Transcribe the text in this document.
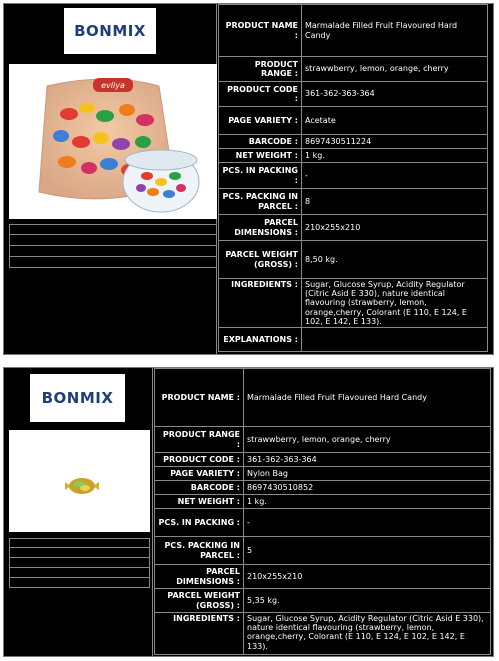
BONMIX
evliya
PRODUCT NAME :	Marmalade Filled Fruit Flavoured Hard Candy
PRODUCT RANGE :	strawwberry, lemon, orange, cherry
PRODUCT CODE :	361-362-363-364
PAGE VARIETY :	Acetate
BARCODE :	8697430511224
NET WEIGHT :	1 kg.
PCS. IN PACKING :	-
PCS. PACKING IN PARCEL :	8
PARCEL DIMENSIONS :	210x255x210
PARCEL WEIGHT (GROSS) :	8,50 kg.
INGREDIENTS :	Sugar, Glucose Syrup, Acidity Regulator (Citric Asid E 330), nature identical flavouring (strawberry, lemon, orange,cherry, Colorant (E 110, E 124, E 102, E 142, E 133).
EXPLANATIONS :	
BONMIX	PRODUCT NAME :	Marmalade Filled Fruit Flavoured Hard Candy
PRODUCT RANGE :	strawwberry, lemon, orange, cherry
PRODUCT CODE :	361-362-363-364
PAGE VARIETY :	Nylon Bag
BARCODE :	8697430510852
NET WEIGHT :	1 kg.
PCS. IN PACKING :	-
PCS. PACKING IN PARCEL :	5
PARCEL DIMENSIONS :	210x255x210
PARCEL WEIGHT (GROSS) :	5,35 kg.
INGREDIENTS :	Sugar, Glucose Syrup, Acidity Regulator (Citric Asid E 330), nature identical flavouring (strawberry, lemon, orange,cherry, Colorant (E 110, E 124, E 102, E 142, E 133).
